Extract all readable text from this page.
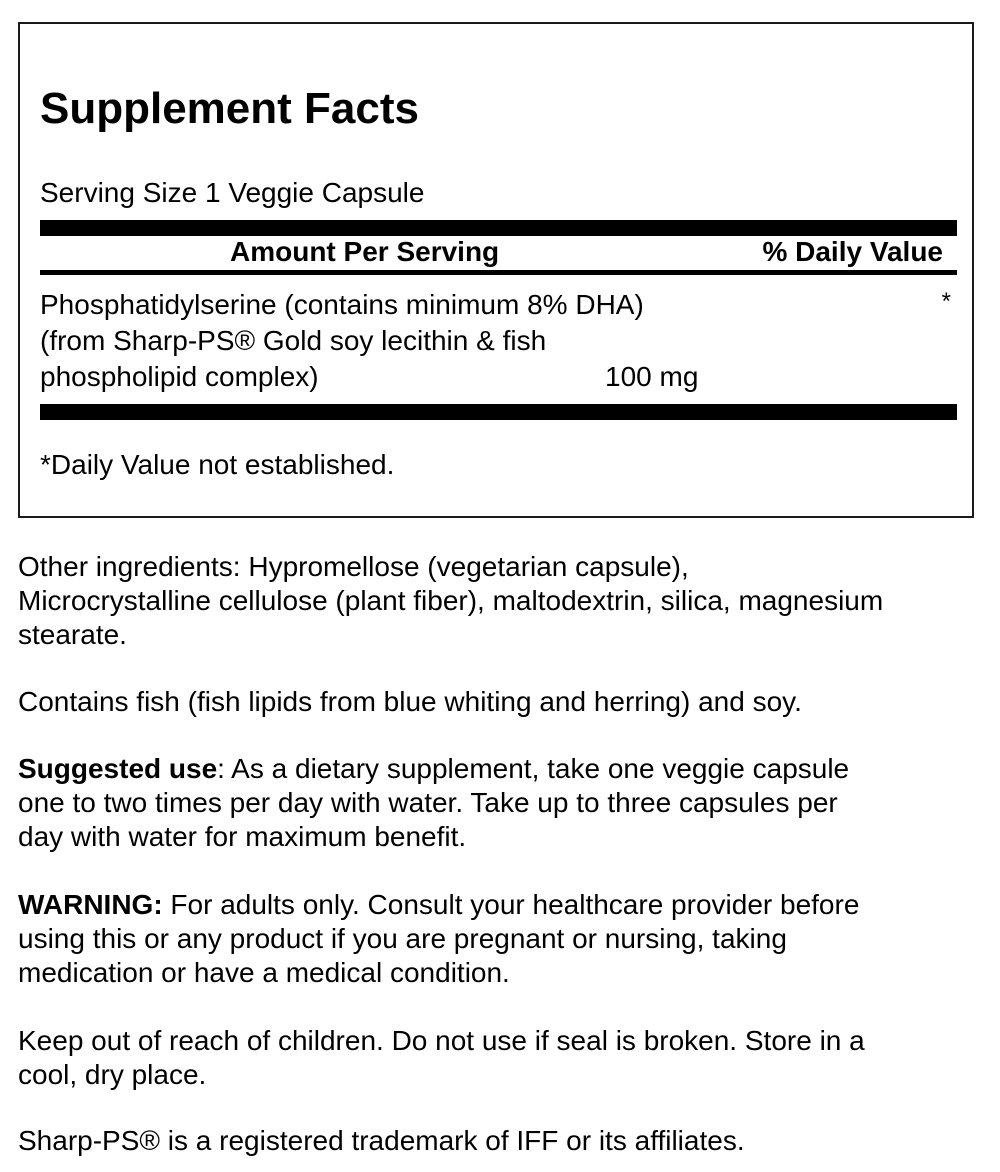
Supplement Facts
Serving Size 1 Veggie Capsule
Amount Per Serving	% Daily Value
Phosphatidylserine (contains minimum 8% DHA)
(from Sharp-PS® Gold soy lecithin & fish
phospholipid complex)	100 mg
*
*Daily Value not established.
Other ingredients: Hypromellose (vegetarian capsule),
Microcrystalline cellulose (plant fiber), maltodextrin, silica, magnesium
stearate.
Contains fish (fish lipids from blue whiting and herring) and soy.
Suggested use: As a dietary supplement, take one veggie capsule
one to two times per day with water. Take up to three capsules per
day with water for maximum benefit.
WARNING: For adults only. Consult your healthcare provider before
using this or any product if you are pregnant or nursing, taking
medication or have a medical condition.
Keep out of reach of children. Do not use if seal is broken. Store in a
cool, dry place.
Sharp-PS® is a registered trademark of IFF or its affiliates.
